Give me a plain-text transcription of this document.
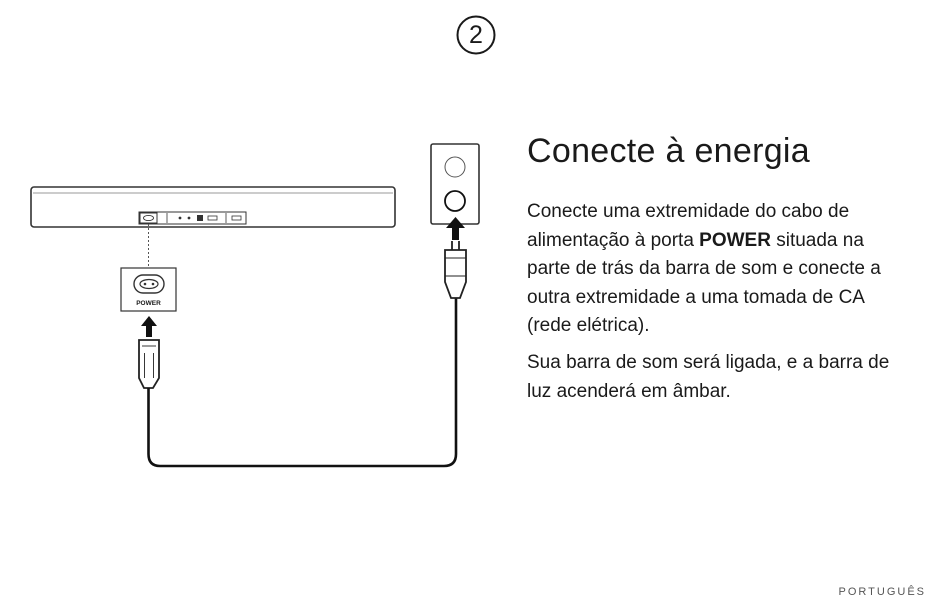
2
POWER
Conecte à energia

Conecte uma extremidade do cabo de alimentação à porta POWER situada na parte de trás da barra de som e conecte a outra extremidade a uma tomada de CA (rede elétrica).

Sua barra de som será ligada, e a barra de luz acenderá em âmbar.

PORTUGUÊS
